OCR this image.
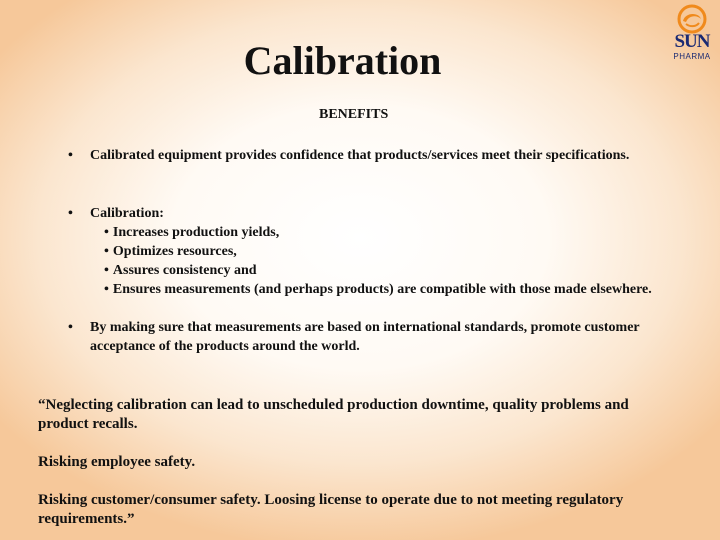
SUN
PHARMA
Calibration
BENEFITS
• Calibrated equipment provides confidence that products/services meet their specifications.
• Calibration:
• Increases production yields,
• Optimizes resources,
• Assures consistency and
• Ensures measurements (and perhaps products) are compatible with those made elsewhere.
• By making sure that measurements are based on international standards, promote customer acceptance of the products around the world.
“Neglecting calibration can lead to unscheduled production downtime, quality problems and product recalls.
Risking employee safety.
Risking customer/consumer safety. Loosing license to operate due to not meeting regulatory requirements.”
